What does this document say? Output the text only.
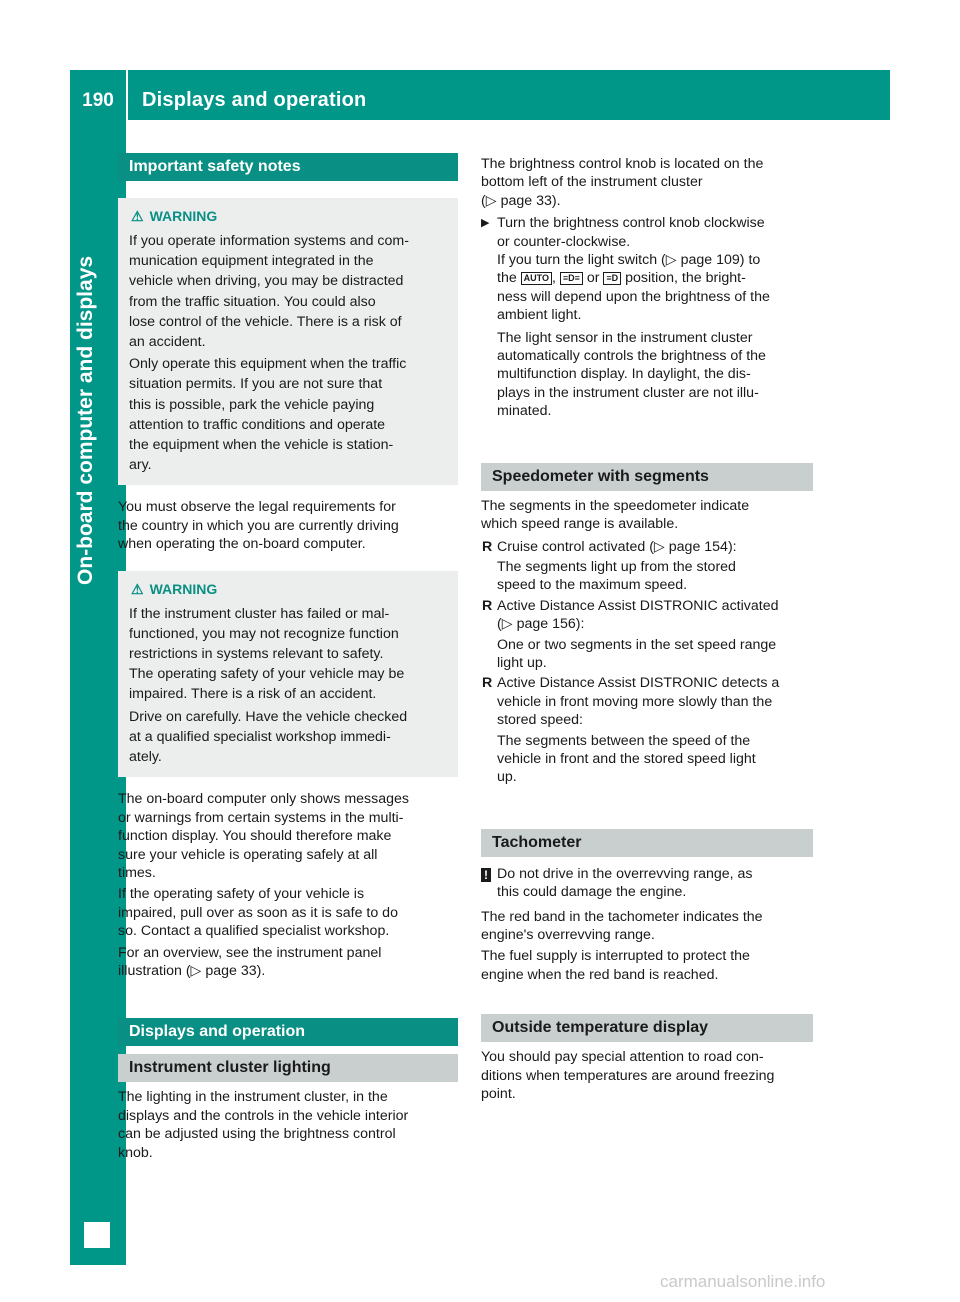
190	Displays and operation
On-board computer and displays
Important safety notes
⚠ WARNING

If you operate information systems and com-
munication equipment integrated in the
vehicle when driving, you may be distracted
from the traffic situation. You could also
lose control of the vehicle. There is a risk of
an accident.

Only operate this equipment when the traffic
situation permits. If you are not sure that
this is possible, park the vehicle paying
attention to traffic conditions and operate
the equipment when the vehicle is station-
ary.

You must observe the legal requirements for
the country in which you are currently driving
when operating the on-board computer.

⚠ WARNING

If the instrument cluster has failed or mal-
functioned, you may not recognize function
restrictions in systems relevant to safety.
The operating safety of your vehicle may be
impaired. There is a risk of an accident.

Drive on carefully. Have the vehicle checked
at a qualified specialist workshop immedi-
ately.

The on-board computer only shows messages
or warnings from certain systems in the multi-
function display. You should therefore make
sure your vehicle is operating safely at all
times.

If the operating safety of your vehicle is
impaired, pull over as soon as it is safe to do
so. Contact a qualified specialist workshop.

For an overview, see the instrument panel
illustration (▷ page 33).

Displays and operation
Instrument cluster lighting

The lighting in the instrument cluster, in the
displays and the controls in the vehicle interior
can be adjusted using the brightness control
knob.

The brightness control knob is located on the
bottom left of the instrument cluster
(▷ page 33).

▶ Turn the brightness control knob clockwise
or counter-clockwise.
If you turn the light switch (▷ page 109) to
the AUTO , ≡D≡ or ≡D position, the bright-
ness will depend upon the brightness of the
ambient light.

The light sensor in the instrument cluster
automatically controls the brightness of the
multifunction display. In daylight, the dis-
plays in the instrument cluster are not illu-
minated.

Speedometer with segments

The segments in the speedometer indicate
which speed range is available.

R Cruise control activated (▷ page 154):

The segments light up from the stored
speed to the maximum speed.

R Active Distance Assist DISTRONIC activated
(▷ page 156):

One or two segments in the set speed range
light up.

R Active Distance Assist DISTRONIC detects a
vehicle in front moving more slowly than the
stored speed:

The segments between the speed of the
vehicle in front and the stored speed light
up.

Tachometer
! Do not drive in the overrevving range, as
this could damage the engine.

The red band in the tachometer indicates the
engine's overrevving range.

The fuel supply is interrupted to protect the
engine when the red band is reached.

Outside temperature display

You should pay special attention to road con-
ditions when temperatures are around freezing
point.

carmanualsonline.info
